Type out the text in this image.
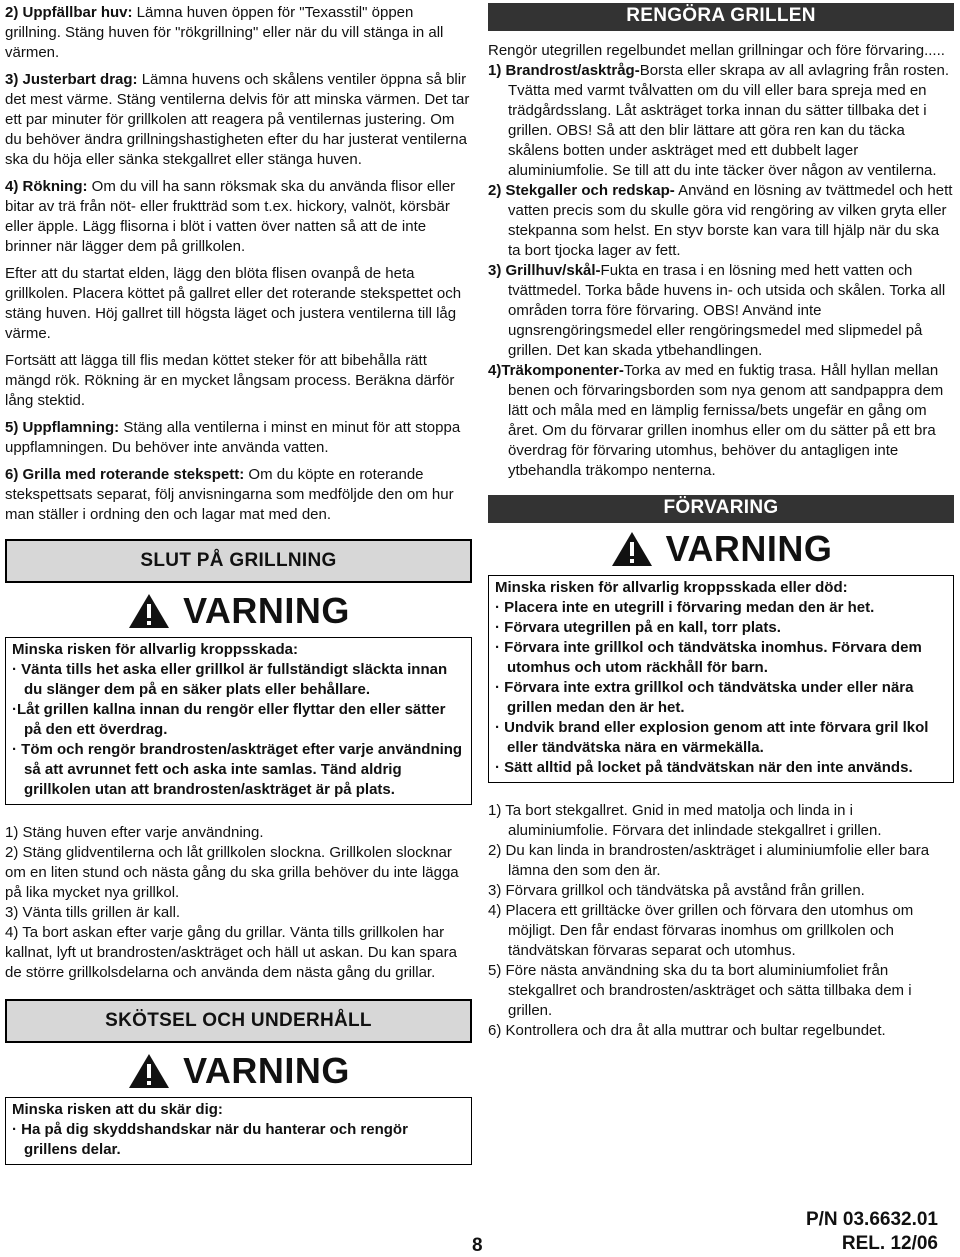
2) Uppfällbar huv: Lämna huven öppen för "Texasstil" öppen grillning. Stäng huven för "rökgrillning" eller när du vill stänga in all värmen.

3) Justerbart drag: Lämna huvens och skålens ventiler öppna så blir det mest värme. Stäng ventilerna delvis för att minska värmen. Det tar ett par minuter för grillkolen att reagera på ventilernas justering. Om du behöver ändra grillningshastigheten efter du har justerat ventilerna ska du höja eller sänka stekgallret eller stänga huven.

4) Rökning: Om du vill ha sann röksmak ska du använda flisor eller bitar av trä från nöt- eller fruktträd som t.ex. hickory, valnöt, körsbär eller äpple. Lägg flisorna i blöt i vatten över natten så att de inte brinner när lägger dem på grillkolen.

Efter att du startat elden, lägg den blöta flisen ovanpå de heta grillkolen. Placera köttet på gallret eller det roterande stekspettet och stäng huven. Höj gallret till högsta läget och justera ventilerna till låg värme.

Fortsätt att lägga till flis medan köttet steker för att bibehålla rätt mängd rök. Rökning är en mycket långsam process. Beräkna därför lång stektid.

5) Uppflamning: Stäng alla ventilerna i minst en minut för att stoppa uppflamningen. Du behöver inte använda vatten.

6) Grilla med roterande stekspett: Om du köpte en roterande stekspettsats separat, följ anvisningarna som medföljde den om hur man ställer i ordning den och lagar mat med den.

SLUT PÅ GRILLNING
VARNING
Minska risken för allvarlig kroppsskada:
· Vänta tills het aska eller grillkol är fullständigt släckta innan du slänger dem på en säker plats eller behållare.
·Låt grillen kallna innan du rengör eller flyttar den eller sätter på den ett överdrag.
· Töm och rengör brandrosten/askträget efter varje användning så att avrunnet fett och aska inte samlas. Tänd aldrig grillkolen utan att brandrosten/askträget är på plats.
1) Stäng huven efter varje användning.
2) Stäng glidventilerna och låt grillkolen slockna. Grillkolen slocknar om en liten stund och nästa gång du ska grilla behöver du inte lägga på lika mycket nya grillkol.
3) Vänta tills grillen är kall.
4) Ta bort askan efter varje gång du grillar. Vänta tills grillkolen har kallnat, lyft ut brandrosten/askträget och häll ut askan. Du kan spara de större grillkolsdelarna och använda dem nästa gång du grillar.
SKÖTSEL OCH UNDERHÅLL
VARNING
Minska risken att du skär dig:
· Ha på dig skyddshandskar när du hanterar och rengör grillens delar.
RENGÖRA GRILLEN
Rengör utegrillen regelbundet mellan grillningar och före förvaring.....
1) Brandrost/asktråg-Borsta eller skrapa av all avlagring från rosten. Tvätta med varmt tvålvatten om du vill eller bara spreja med en trädgårdsslang. Låt askträget torka innan du sätter tillbaka det i grillen. OBS! Så att den blir lättare att göra ren kan du täcka skålens botten under askträget med ett dubbelt lager aluminiumfolie. Se till att du inte täcker över någon av ventilerna.
2) Stekgaller och redskap- Använd en lösning av tvättmedel och hett vatten precis som du skulle göra vid rengöring av vilken gryta eller stekpanna som helst. En styv borste kan vara till hjälp när du ska ta bort tjocka lager av fett.
3) Grillhuv/skål-Fukta en trasa i en lösning med hett vatten och tvättmedel. Torka både huvens in- och utsida och skålen. Torka all områden torra före förvaring. OBS! Använd inte ugnsrengöringsmedel eller rengöringsmedel med slipmedel på grillen. Det kan skada ytbehandlingen.
4)Träkomponenter-Torka av med en fuktig trasa. Håll hyllan mellan benen och förvaringsborden som nya genom att sandpappra dem lätt och måla med en lämplig fernissa/bets ungefär en gång om året. Om du förvarar grillen inomhus eller om du sätter på ett bra överdrag för förvaring utomhus, behöver du antagligen inte ytbehandla träkompo nenterna.
FÖRVARING
VARNING
Minska risken för allvarlig kroppsskada eller död:
· Placera inte en utegrill i förvaring medan den är het.
· Förvara utegrillen på en kall, torr plats.
· Förvara inte grillkol och tändvätska inomhus. Förvara dem utomhus och utom räckhåll för barn.
· Förvara inte extra grillkol och tändvätska under eller nära grillen medan den är het.
· Undvik brand eller explosion genom att inte förvara gril lkol eller tändvätska nära en värmekälla.
· Sätt alltid på locket på tändvätskan när den inte används.
1) Ta bort stekgallret. Gnid in med matolja och linda in i aluminiumfolie. Förvara det inlindade stekgallret i grillen.
2) Du kan linda in brandrosten/askträget i aluminiumfolie eller bara lämna den som den är.
3) Förvara grillkol och tändvätska på avstånd från grillen.
4) Placera ett grilltäcke över grillen och förvara den utomhus om möjligt. Den får endast förvaras inomhus om grillkolen och tändvätskan förvaras separat och utomhus.
5) Före nästa användning ska du ta bort aluminiumfoliet från stekgallret och brandrosten/askträget och sätta tillbaka dem i grillen.
6) Kontrollera och dra åt alla muttrar och bultar regelbundet.
8
P/N 03.6632.01
REL. 12/06
